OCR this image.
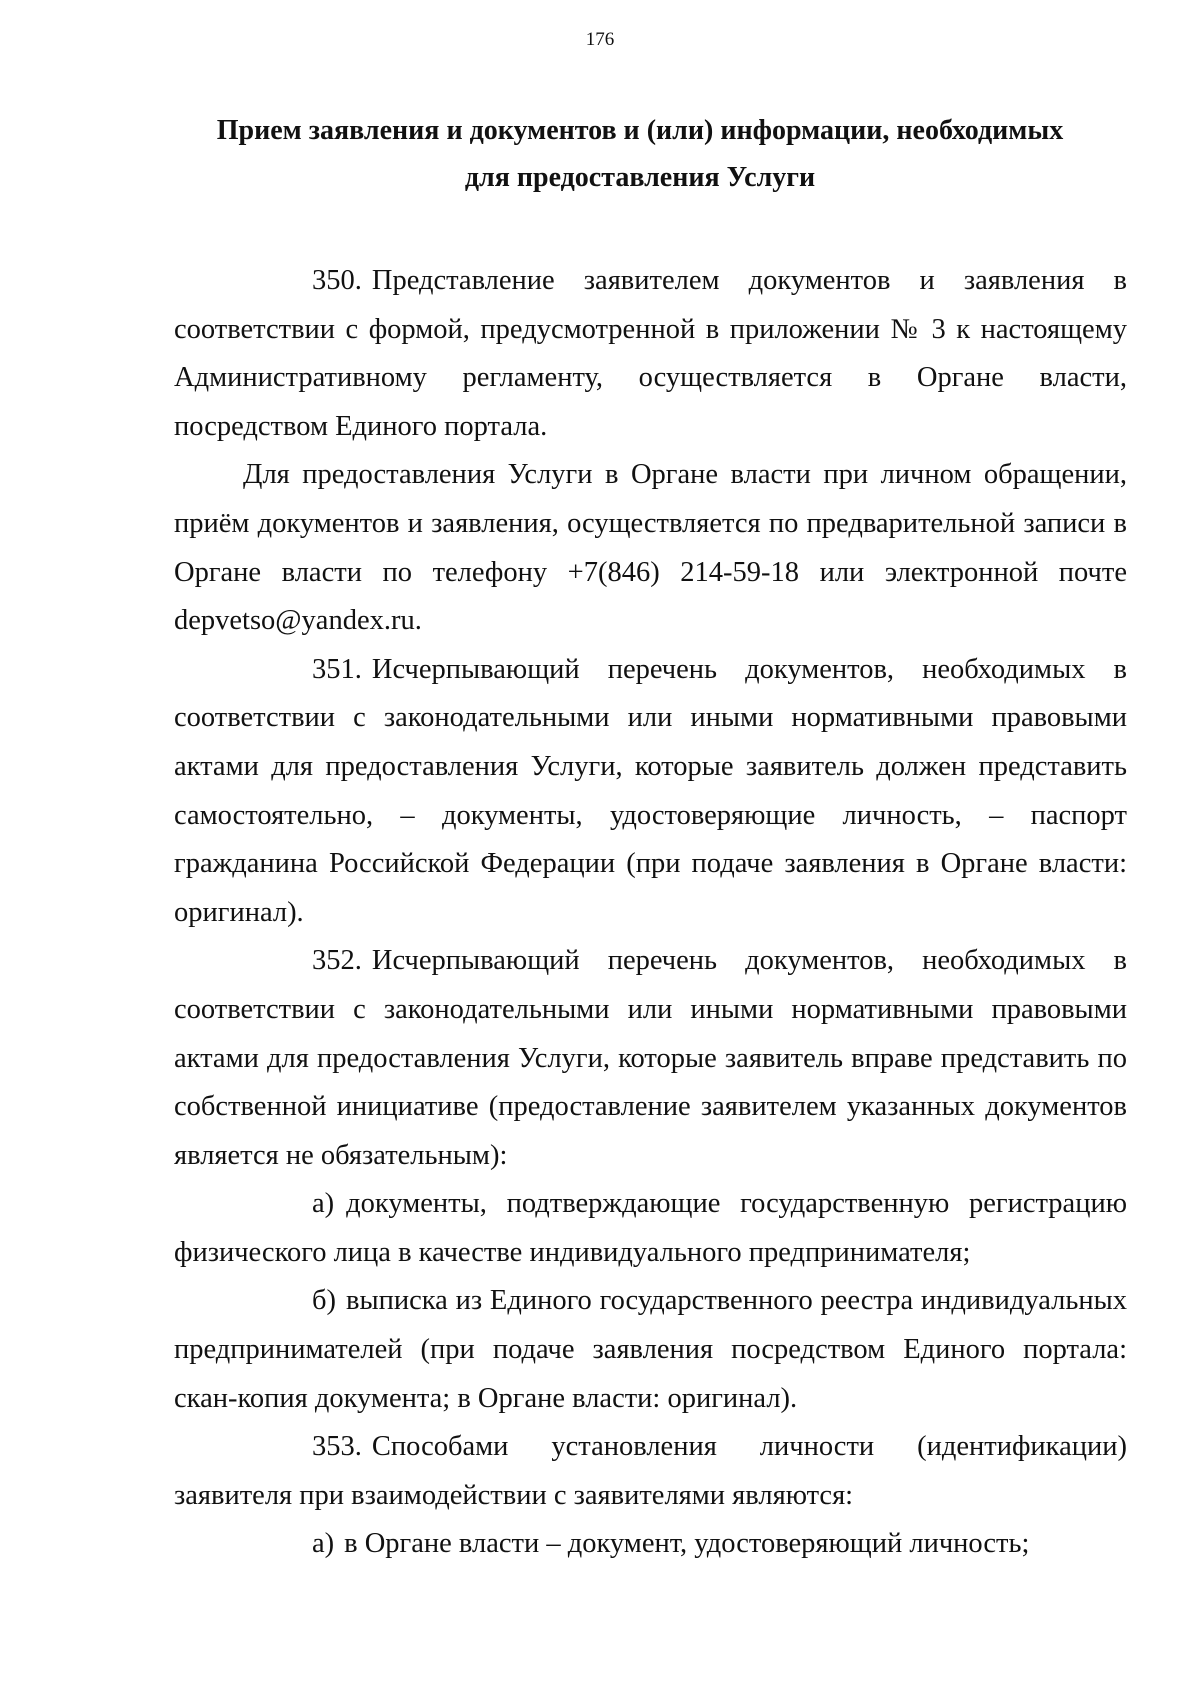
176
Прием заявления и документов и (или) информации, необходимых
для предоставления Услуги

350. Представление заявителем документов и заявления в соответствии с формой, предусмотренной в приложении № 3 к настоящему Административному регламенту, осуществляется в Органе власти, посредством Единого портала.

Для предоставления Услуги в Органе власти при личном обращении, приём документов и заявления, осуществляется по предварительной записи в Органе власти по телефону +7(846) 214-59-18 или электронной почте depvetso@yandex.ru.

351. Исчерпывающий перечень документов, необходимых в соответствии с законодательными или иными нормативными правовыми актами для предоставления Услуги, которые заявитель должен представить самостоятельно, – документы, удостоверяющие личность, – паспорт гражданина Российской Федерации (при подаче заявления в Органе власти: оригинал).

352. Исчерпывающий перечень документов, необходимых в соответствии с законодательными или иными нормативными правовыми актами для предоставления Услуги, которые заявитель вправе представить по собственной инициативе (предоставление заявителем указанных документов является не обязательным):

а) документы, подтверждающие государственную регистрацию физического лица в качестве индивидуального предпринимателя;

б) выписка из Единого государственного реестра индивидуальных предпринимателей (при подаче заявления посредством Единого портала: скан-копия документа; в Органе власти: оригинал).

353. Способами установления личности (идентификации) заявителя при взаимодействии с заявителями являются:

а) в Органе власти – документ, удостоверяющий личность;
